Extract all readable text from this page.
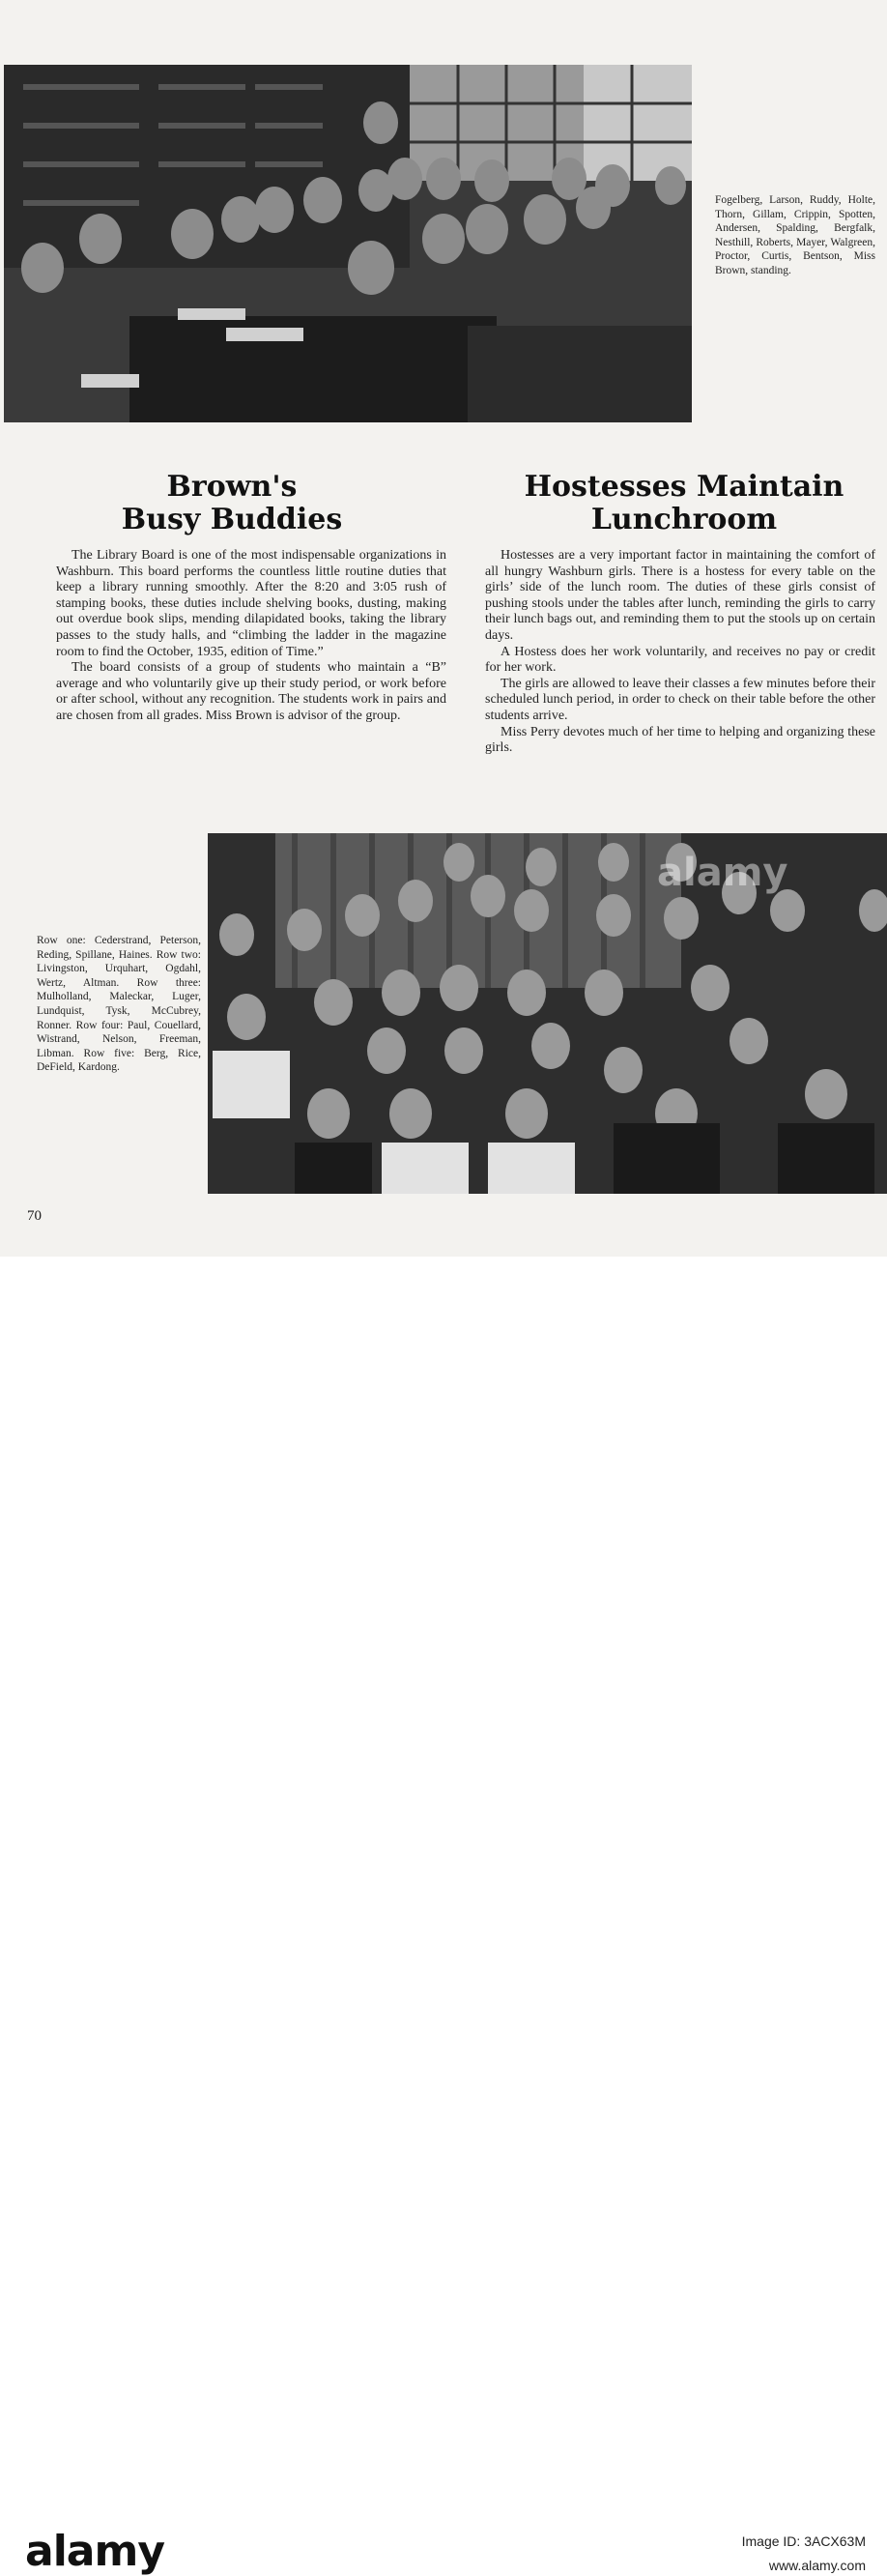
Fogelberg, Larson, Ruddy, Holte, Thorn, Gillam, Crippin, Spotten, Andersen, Spalding, Bergfalk, Nesthill, Roberts, Mayer, Walgreen, Proctor, Curtis, Bentson, Miss Brown, standing.
Brown's
Busy Buddies

The Library Board is one of the most indispensable organizations in Washburn. This board performs the countless little routine duties that keep a library running smoothly. After the 8:20 and 3:05 rush of stamping books, these duties include shelving books, dusting, making out overdue book slips, mending dilapidated books, taking the library passes to the study halls, and “climbing the ladder in the magazine room to find the October, 1935, edition of Time.”

The board consists of a group of students who maintain a “B” average and who voluntarily give up their study period, or work before or after school, without any recognition. The students work in pairs and are chosen from all grades. Miss Brown is advisor of the group.

Hostesses Maintain
Lunchroom

Hostesses are a very important factor in maintaining the comfort of all hungry Washburn girls. There is a hostess for every table on the girls’ side of the lunch room. The duties of these girls consist of pushing stools under the tables after lunch, reminding the girls to carry their lunch bags out, and reminding them to put the stools up on certain days.

A Hostess does her work voluntarily, and receives no pay or credit for her work.

The girls are allowed to leave their classes a few minutes before their scheduled lunch period, in order to check on their table before the other students arrive.

Miss Perry devotes much of her time to helping and organizing these girls.

alamy
Row one: Cederstrand, Peterson, Reding, Spillane, Haines. Row two: Livingston, Urquhart, Ogdahl, Wertz, Altman. Row three: Mulholland, Maleckar, Luger, Lundquist, Tysk, McCubrey, Ronner. Row four: Paul, Couellard, Wistrand, Nelson, Freeman, Libman. Row five: Berg, Rice, DeField, Kardong.
70
alamy	Image ID: 3ACX63M
www.alamy.com
